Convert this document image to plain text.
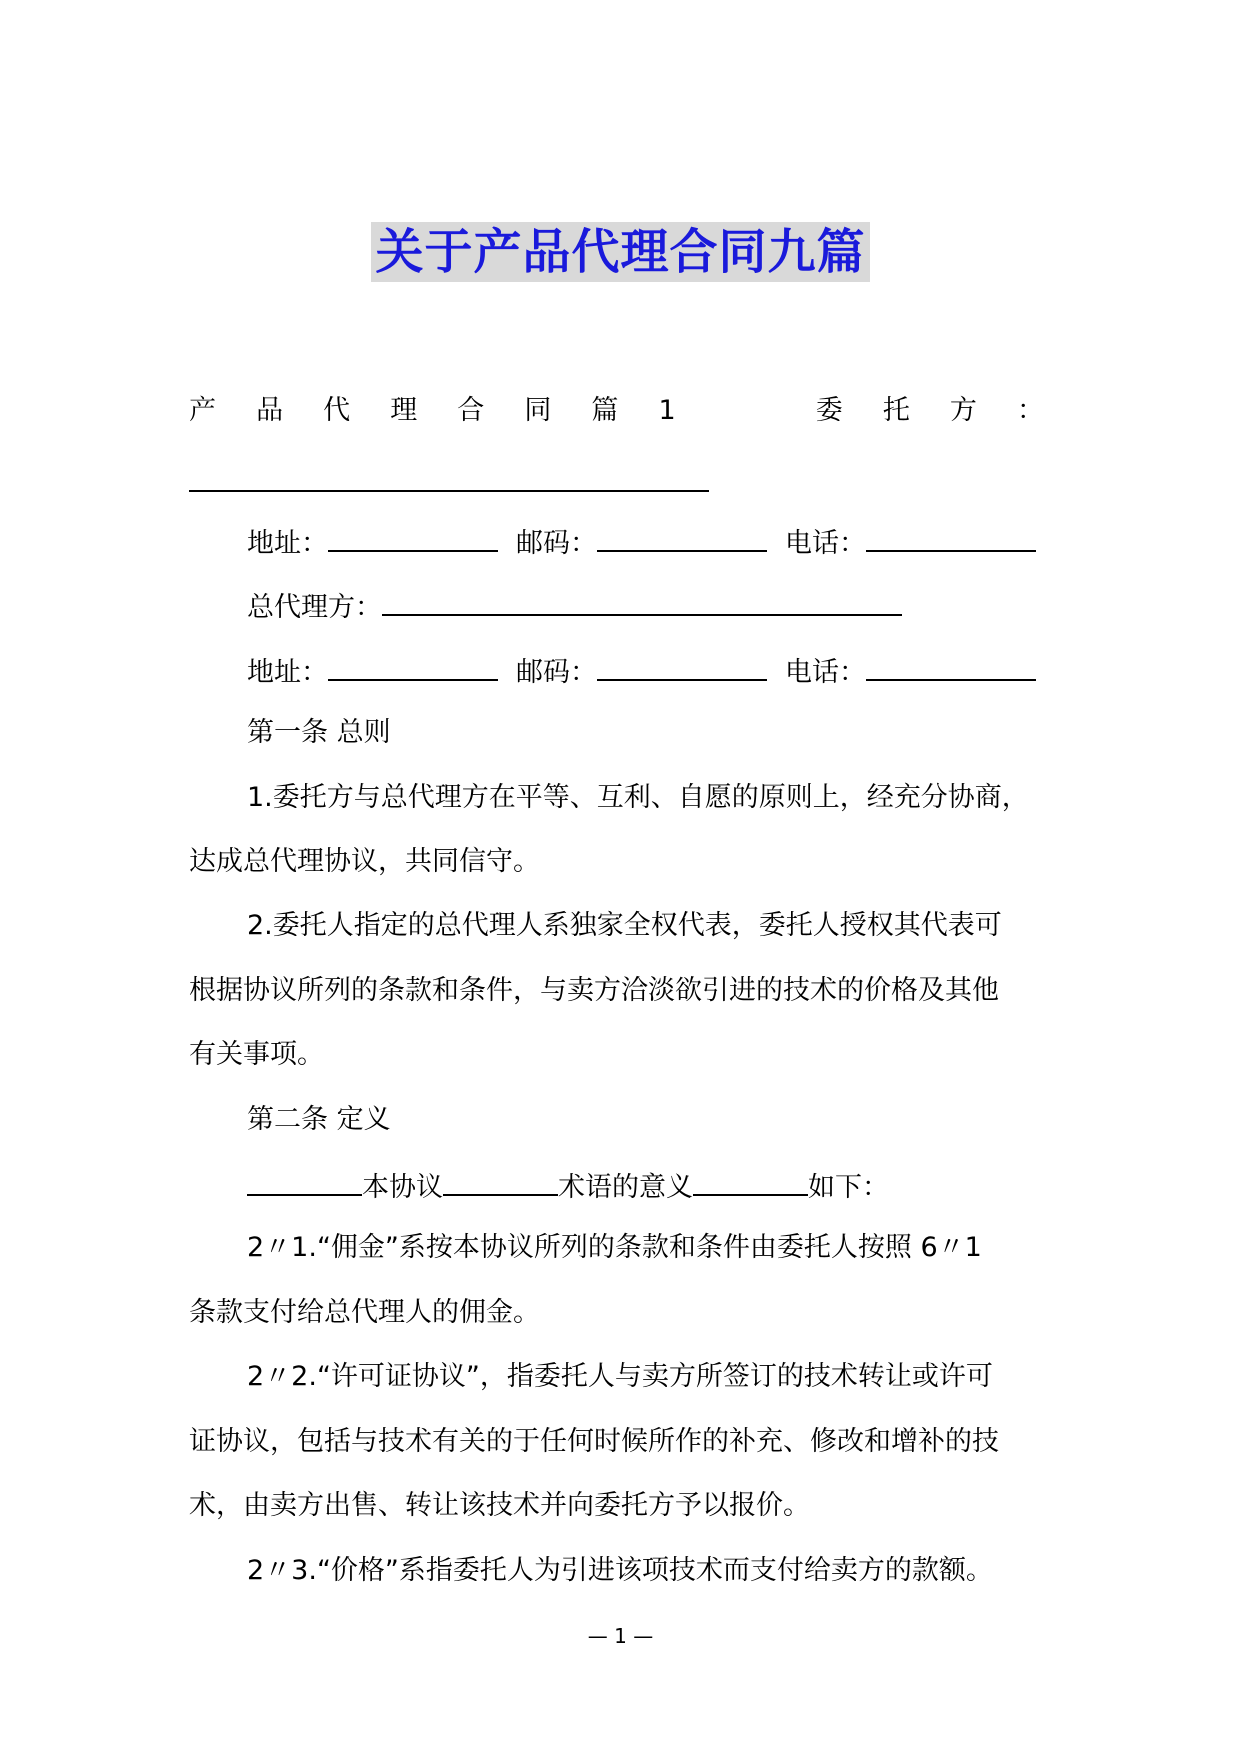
关于产品代理合同九篇
产 品 代 理 合 同 篇 1	委 托 方 ：
地址：	邮码：	电话：
总代理方：
地址：	邮码：	电话：
第一条 总则
1.委托方与总代理方在平等、互利、自愿的原则上，经充分协商，
达成总代理协议，共同信守。
2.委托人指定的总代理人系独家全权代表，委托人授权其代表可
根据协议所列的条款和条件，与卖方洽淡欲引进的技术的价格及其他
有关事项。
第二条 定义
本协议	术语的意义	如下：
2〃1.“佣金”系按本协议所列的条款和条件由委托人按照 6〃1
条款支付给总代理人的佣金。
2〃2.“许可证协议”，指委托人与卖方所签订的技术转让或许可
证协议，包括与技术有关的于任何时候所作的补充、修改和增补的技
术，由卖方出售、转让该技术并向委托方予以报价。
2〃3.“价格”系指委托人为引进该项技术而支付给卖方的款额。
— 1 —
